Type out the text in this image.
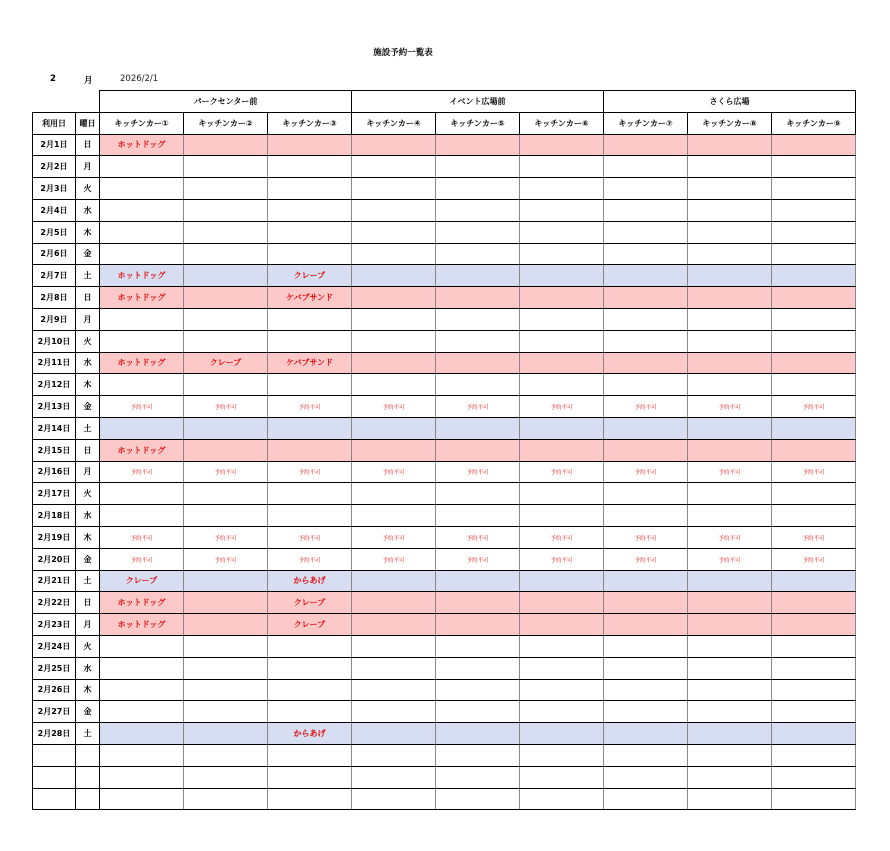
施設予約一覧表
2	月	2026/2/1
		パークセンター前			イベント広場前			さくら広場		
利用日	曜日	キッチンカー①	キッチンカー②	キッチンカー③	キッチンカー④	キッチンカー⑤	キッチンカー⑥	キッチンカー⑦	キッチンカー⑧	キッチンカー⑨
2月1日	日	ホットドッグ								
2月2日	月									
2月3日	火									
2月4日	水									
2月5日	木									
2月6日	金									
2月7日	土	ホットドッグ		クレープ						
2月8日	日	ホットドッグ		ケバブサンド						
2月9日	月									
2月10日	火									
2月11日	水	ホットドッグ	クレープ	ケバブサンド						
2月12日	木									
2月13日	金	予約不可	予約不可	予約不可	予約不可	予約不可	予約不可	予約不可	予約不可	予約不可
2月14日	土									
2月15日	日	ホットドッグ								
2月16日	月	予約不可	予約不可	予約不可	予約不可	予約不可	予約不可	予約不可	予約不可	予約不可
2月17日	火									
2月18日	水									
2月19日	木	予約不可	予約不可	予約不可	予約不可	予約不可	予約不可	予約不可	予約不可	予約不可
2月20日	金	予約不可	予約不可	予約不可	予約不可	予約不可	予約不可	予約不可	予約不可	予約不可
2月21日	土	クレープ		からあげ						
2月22日	日	ホットドッグ		クレープ						
2月23日	月	ホットドッグ		クレープ						
2月24日	火									
2月25日	水									
2月26日	木									
2月27日	金									
2月28日	土			からあげ						
